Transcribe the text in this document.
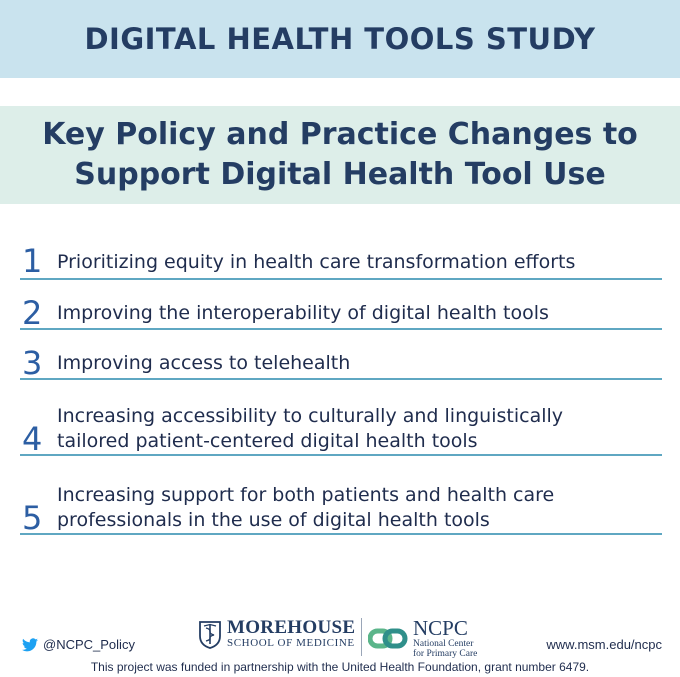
DIGITAL HEALTH TOOLS STUDY
Key Policy and Practice Changes to
Support Digital Health Tool Use
1 Prioritizing equity in health care transformation efforts
2 Improving the interoperability of digital health tools
3 Improving access to telehealth
4
Increasing accessibility to culturally and linguistically
tailored patient-centered digital health tools
5
Increasing support for both patients and health care
professionals in the use of digital health tools
@NCPC_Policy
MOREHOUSE
SCHOOL OF MEDICINE
NCPC
National Center
for Primary Care
www.msm.edu/ncpc
This project was funded in partnership with the United Health Foundation, grant number 6479.
